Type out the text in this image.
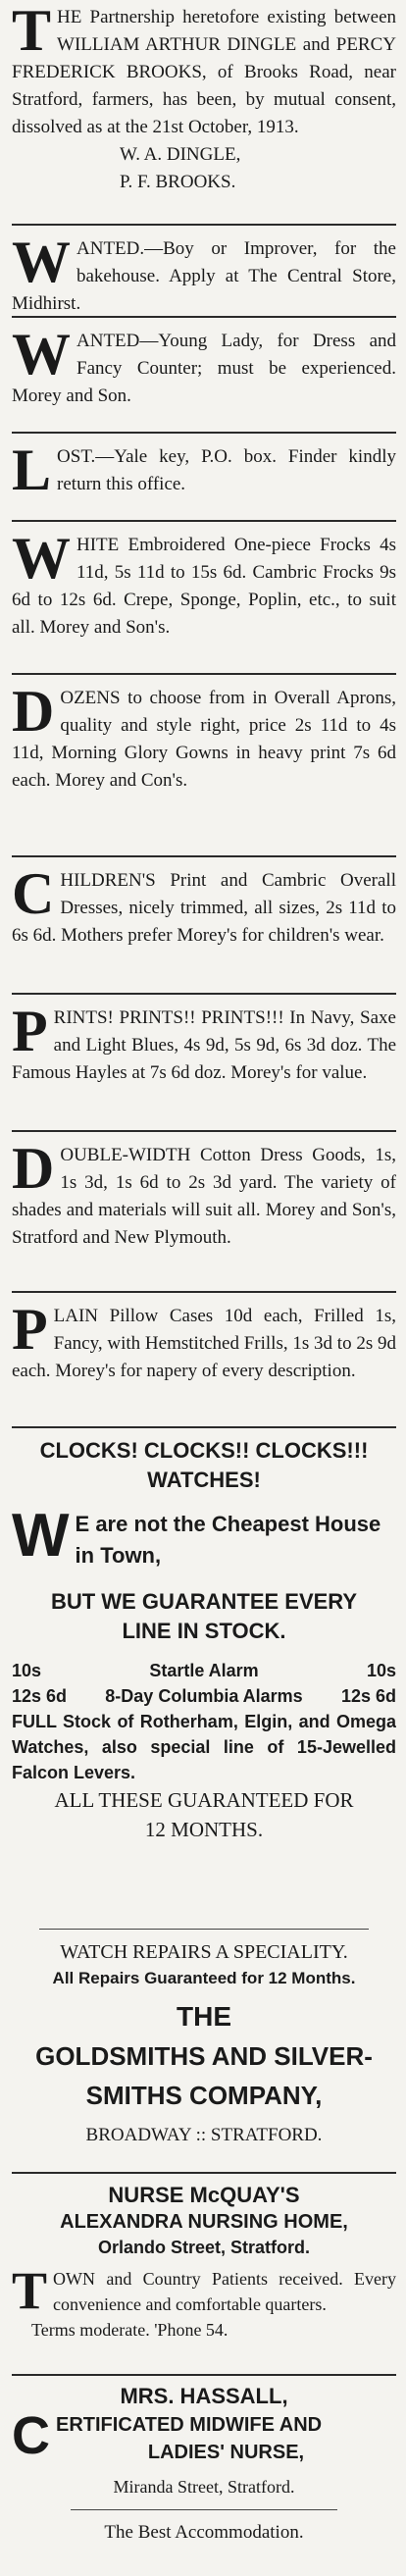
THE Partnership heretofore existing between WILLIAM ARTHUR DINGLE and PERCY FREDERICK BROOKS, of Brooks Road, near Stratford, farmers, has been, by mutual consent, dissolved as at the 21st October, 1913.

W. A. DINGLE,

P. F. BROOKS.

WANTED.—Boy or Improver, for the bakehouse. Apply at The Central Store, Midhirst.

WANTED—Young Lady, for Dress and Fancy Counter; must be experienced. Morey and Son.

LOST.—Yale key, P.O. box. Finder kindly return this office.

WHITE Embroidered One-piece Frocks 4s 11d, 5s 11d to 15s 6d. Cambric Frocks 9s 6d to 12s 6d. Crepe, Sponge, Poplin, etc., to suit all. Morey and Son's.

DOZENS to choose from in Overall Aprons, quality and style right, price 2s 11d to 4s 11d, Morning Glory Gowns in heavy print 7s 6d each. Morey and Con's.

CHILDREN'S Print and Cambric Overall Dresses, nicely trimmed, all sizes, 2s 11d to 6s 6d. Mothers prefer Morey's for children's wear.

PRINTS! PRINTS!! PRINTS!!! In Navy, Saxe and Light Blues, 4s 9d, 5s 9d, 6s 3d doz. The Famous Hayles at 7s 6d doz. Morey's for value.

DOUBLE-WIDTH Cotton Dress Goods, 1s, 1s 3d, 1s 6d to 2s 3d yard. The variety of shades and materials will suit all. Morey and Son's, Stratford and New Plymouth.

PLAIN Pillow Cases 10d each, Frilled 1s, Fancy, with Hemstitched Frills, 1s 3d to 2s 9d each. Morey's for napery of every description.

CLOCKS! CLOCKS!! CLOCKS!!!
WATCHES!

W E are not the Cheapest House
in Town,

BUT WE GUARANTEE EVERY
LINE IN STOCK.
10s	Startle Alarm	10s
12s 6d 8-Day Columbia Alarms 12s 6d

FULL Stock of Rotherham, Elgin, and Omega Watches, also special line of 15-Jewelled Falcon Levers.

ALL THESE GUARANTEED FOR
12 MONTHS.
WATCH REPAIRS A SPECIALITY.
All Repairs Guaranteed for 12 Months.
THE
GOLDSMITHS AND SILVER-
SMITHS COMPANY,
BROADWAY :: STRATFORD.
NURSE McQUAY'S
ALEXANDRA NURSING HOME,
Orlando Street, Stratford.

TOWN and Country Patients received. Every convenience and comfortable quarters.

Terms moderate. 'Phone 54.

MRS. HASSALL,

CERTIFICATED MIDWIFE AND

LADIES' NURSE,

Miranda Street, Stratford.
The Best Accommodation.
